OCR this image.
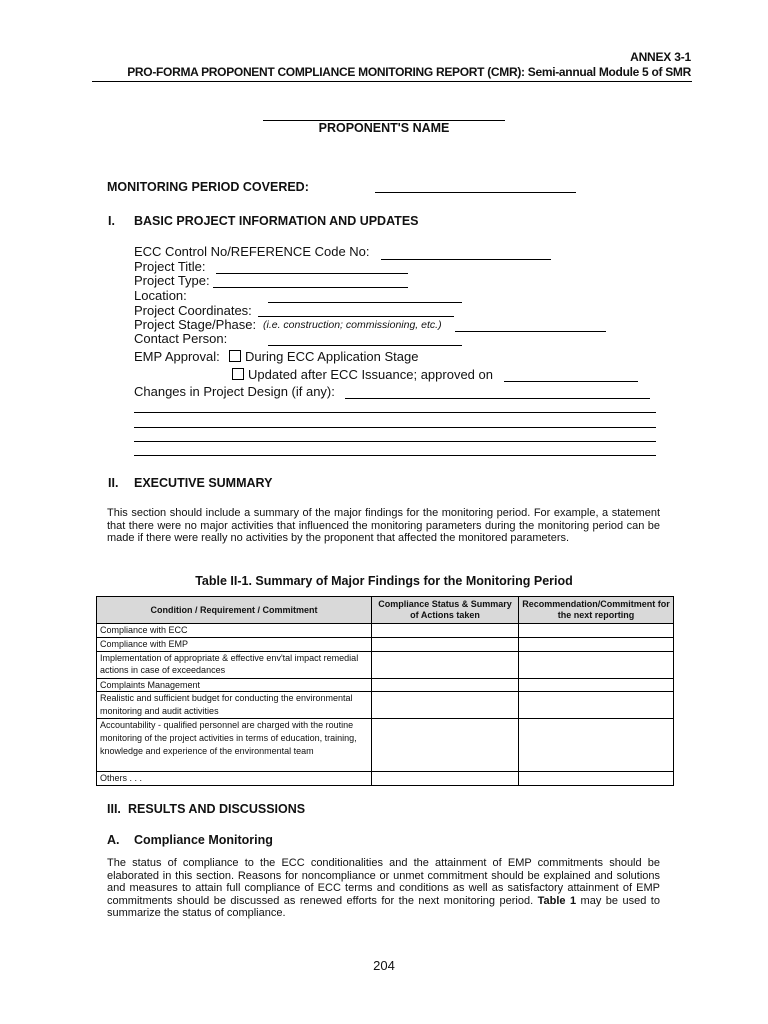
ANNEX 3-1
PRO-FORMA PROPONENT COMPLIANCE MONITORING REPORT (CMR): Semi-annual Module 5 of SMR
PROPONENT'S NAME
MONITORING PERIOD COVERED:
I. BASIC PROJECT INFORMATION AND UPDATES
ECC Control No/REFERENCE Code No:
Project Title:
Project Type:
Location:
Project Coordinates:
Project Stage/Phase: (i.e. construction; commissioning, etc.)
Contact Person:
EMP Approval:	During ECC Application Stage
Updated after ECC Issuance; approved on
Changes in Project Design (if any):
II. EXECUTIVE SUMMARY
This section should include a summary of the major findings for the monitoring period. For example, a statement that there were no major activities that influenced the monitoring parameters during the monitoring period can be made if there were really no activities by the proponent that affected the monitored parameters.
Table II-1. Summary of Major Findings for the Monitoring Period
Condition / Requirement / Commitment	Compliance Status & Summary of Actions taken	Recommendation/Commitment for the next reporting
Compliance with ECC		
Compliance with EMP		
Implementation of appropriate & effective env'tal impact remedial actions in case of exceedances		
Complaints Management		
Realistic and sufficient budget for conducting the environmental monitoring and audit activities		
Accountability - qualified personnel are charged with the routine monitoring of the project activities in terms of education, training, knowledge and experience of the environmental team		
Others . . .		
III. RESULTS AND DISCUSSIONS
A. Compliance Monitoring
The status of compliance to the ECC conditionalities and the attainment of EMP commitments should be elaborated in this section. Reasons for noncompliance or unmet commitment should be explained and solutions and measures to attain full compliance of ECC terms and conditions as well as satisfactory attainment of EMP commitments should be discussed as renewed efforts for the next monitoring period. Table 1 may be used to summarize the status of compliance.
204
